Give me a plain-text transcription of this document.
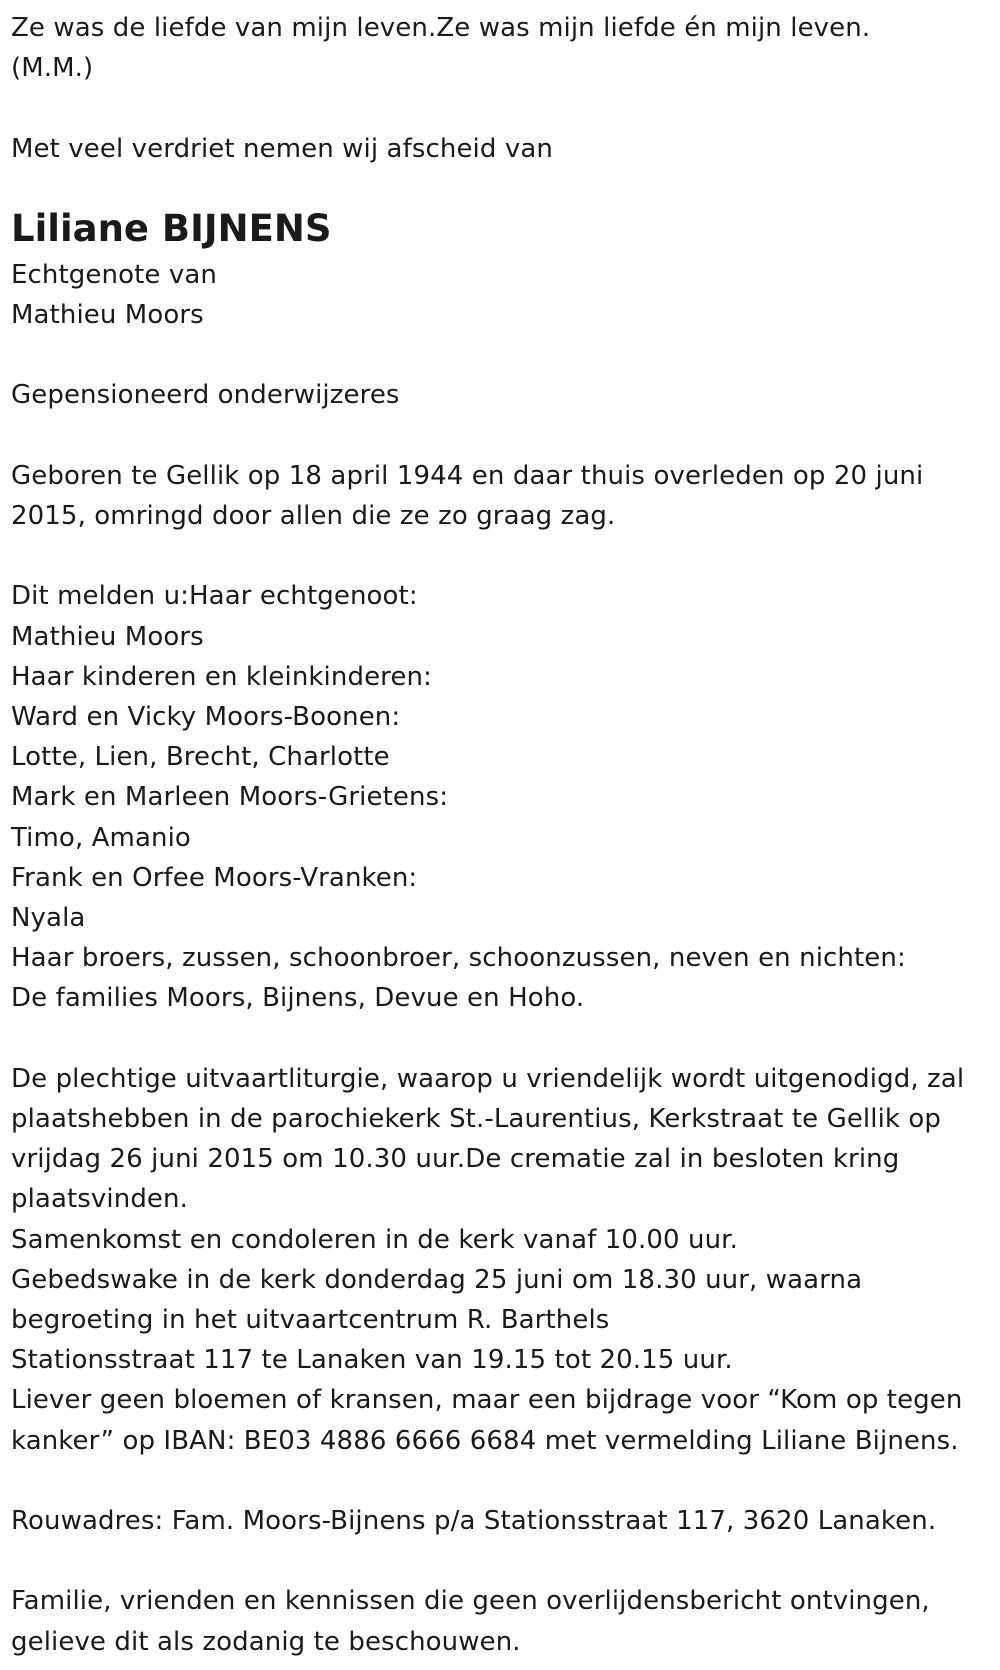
Ze was de liefde van mijn leven.Ze was mijn liefde én mijn leven.

(M.M.)

Met veel verdriet nemen wij afscheid van

Liliane BIJNENS

Echtgenote van

Mathieu Moors

Gepensioneerd onderwijzeres

Geboren te Gellik op 18 april 1944 en daar thuis overleden op 20 juni

2015, omringd door allen die ze zo graag zag.

Dit melden u:Haar echtgenoot:

Mathieu Moors

Haar kinderen en kleinkinderen:

Ward en Vicky Moors-Boonen:

Lotte, Lien, Brecht, Charlotte

Mark en Marleen Moors-Grietens:

Timo, Amanio

Frank en Orfee Moors-Vranken:

Nyala

Haar broers, zussen, schoonbroer, schoonzussen, neven en nichten:

De families Moors, Bijnens, Devue en Hoho.

De plechtige uitvaartliturgie, waarop u vriendelijk wordt uitgenodigd, zal

plaatshebben in de parochiekerk St.-Laurentius, Kerkstraat te Gellik op

vrijdag 26 juni 2015 om 10.30 uur.De crematie zal in besloten kring

plaatsvinden.

Samenkomst en condoleren in de kerk vanaf 10.00 uur.

Gebedswake in de kerk donderdag 25 juni om 18.30 uur, waarna

begroeting in het uitvaartcentrum R. Barthels

Stationsstraat 117 te Lanaken van 19.15 tot 20.15 uur.

Liever geen bloemen of kransen, maar een bijdrage voor “Kom op tegen

kanker” op IBAN: BE03 4886 6666 6684 met vermelding Liliane Bijnens.

Rouwadres: Fam. Moors-Bijnens p/a Stationsstraat 117, 3620 Lanaken.

Familie, vrienden en kennissen die geen overlijdensbericht ontvingen,

gelieve dit als zodanig te beschouwen.
